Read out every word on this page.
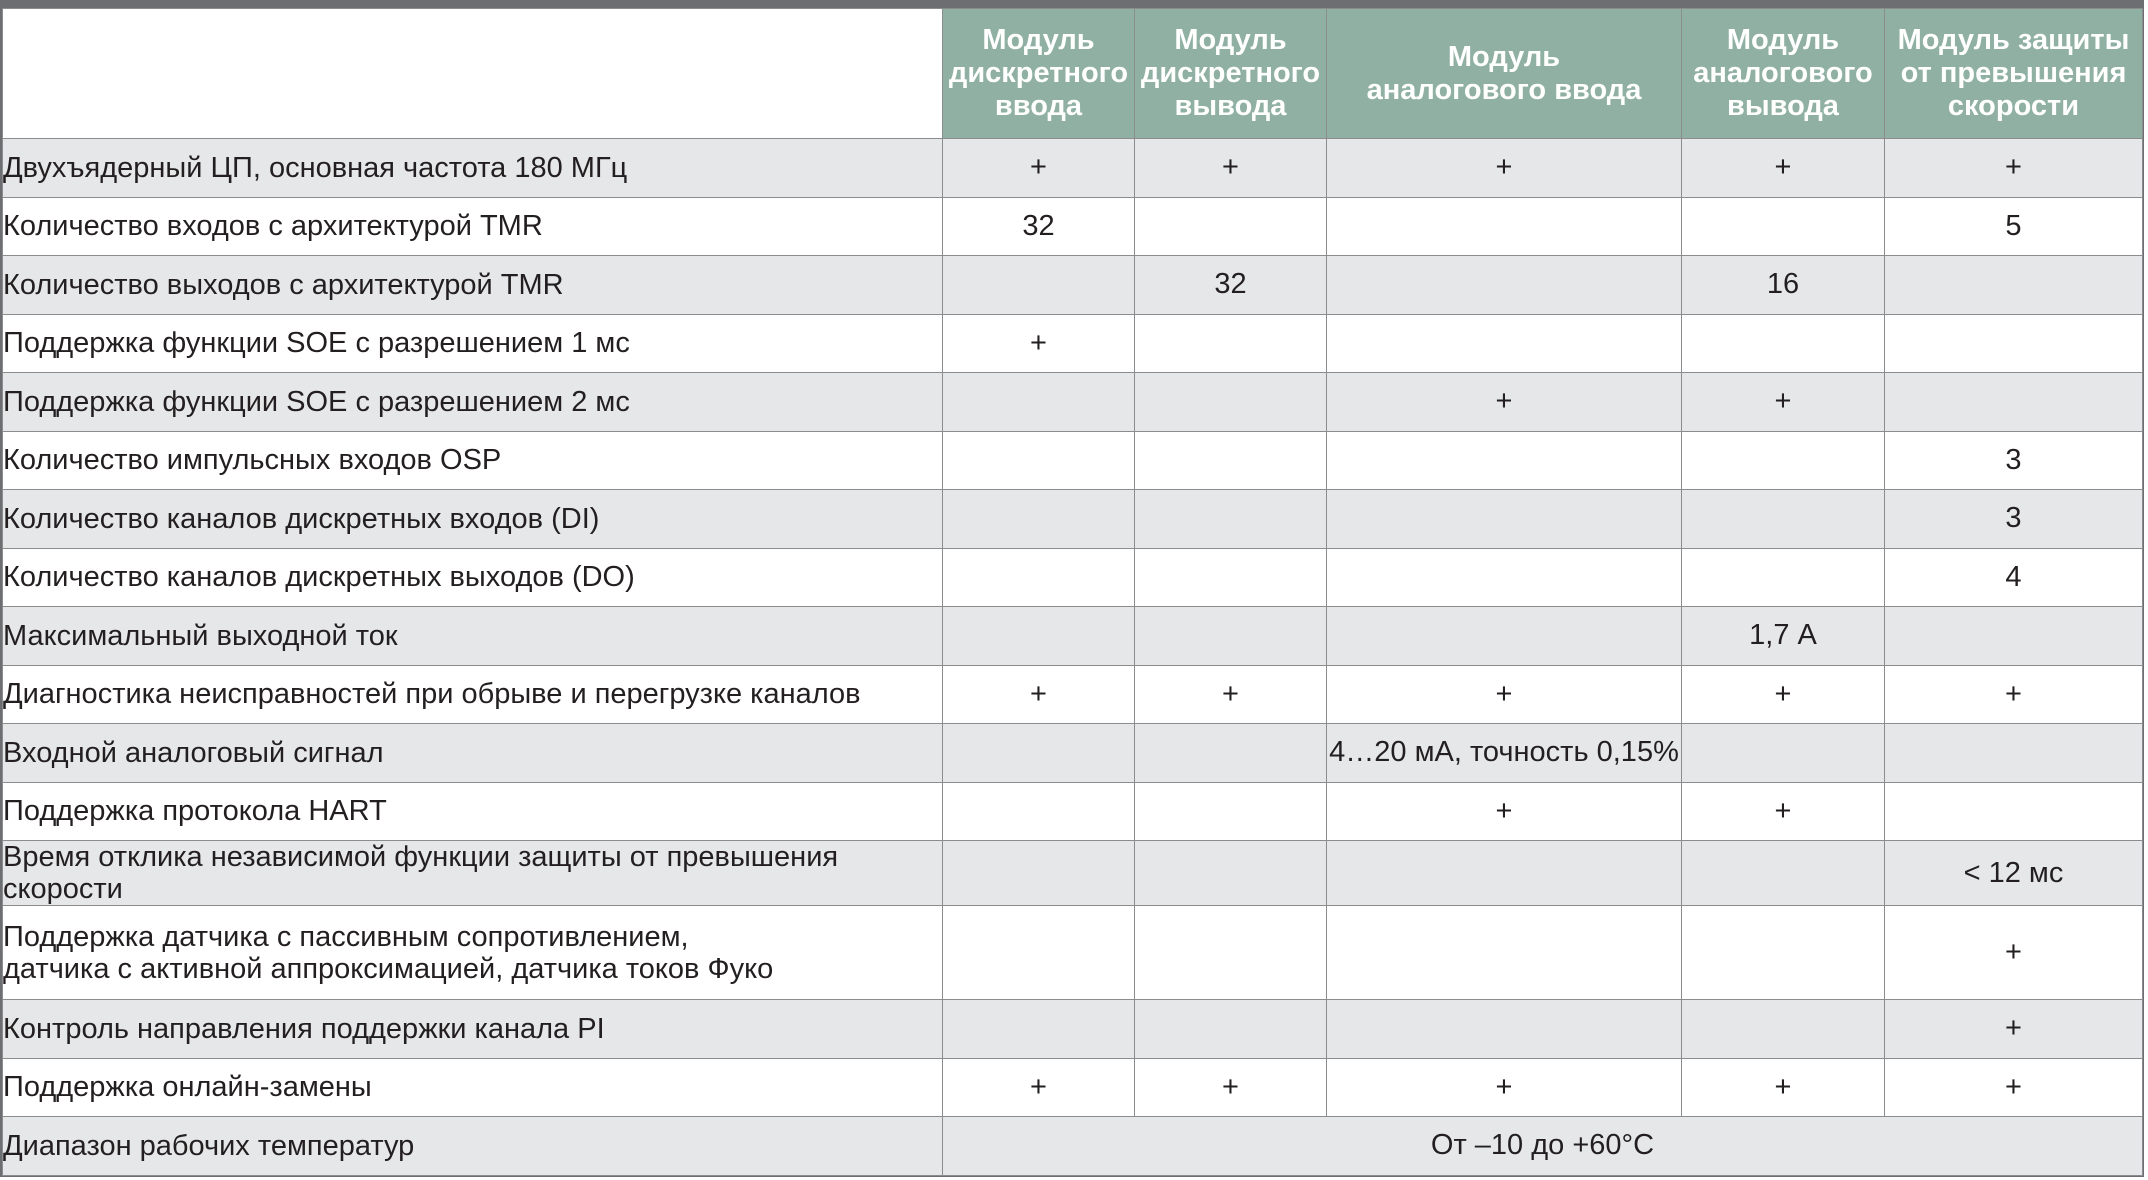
	Модуль
дискретного
ввода	Модуль
дискретного
вывода	Модуль
аналогового ввода	Модуль
аналогового
вывода	Модуль защиты
от превышения
скорости
Двухъядерный ЦП, основная частота 180 МГц	+	+	+	+	+
Количество входов с архитектурой TMR	32				5
Количество выходов с архитектурой TMR		32		16	
Поддержка функции SOE с разрешением 1 мс	+				
Поддержка функции SOE с разрешением 2 мс			+	+	
Количество импульсных входов OSP					3
Количество каналов дискретных входов (DI)					3
Количество каналов дискретных выходов (DO)					4
Максимальный выходной ток				1,7 А	
Диагностика неисправностей при обрыве и перегрузке каналов	+	+	+	+	+
Входной аналоговый сигнал			4…20 мА, точность 0,15%		
Поддержка протокола HART			+	+	
Время отклика независимой функции защиты от превышения скорости					< 12 мс
Поддержка датчика с пассивным сопротивлением,
датчика с активной аппроксимацией, датчика токов Фуко					+
Контроль направления поддержки канала PI					+
Поддержка онлайн-замены	+	+	+	+	+
Диапазон рабочих температур	От –10 до +60°C				
